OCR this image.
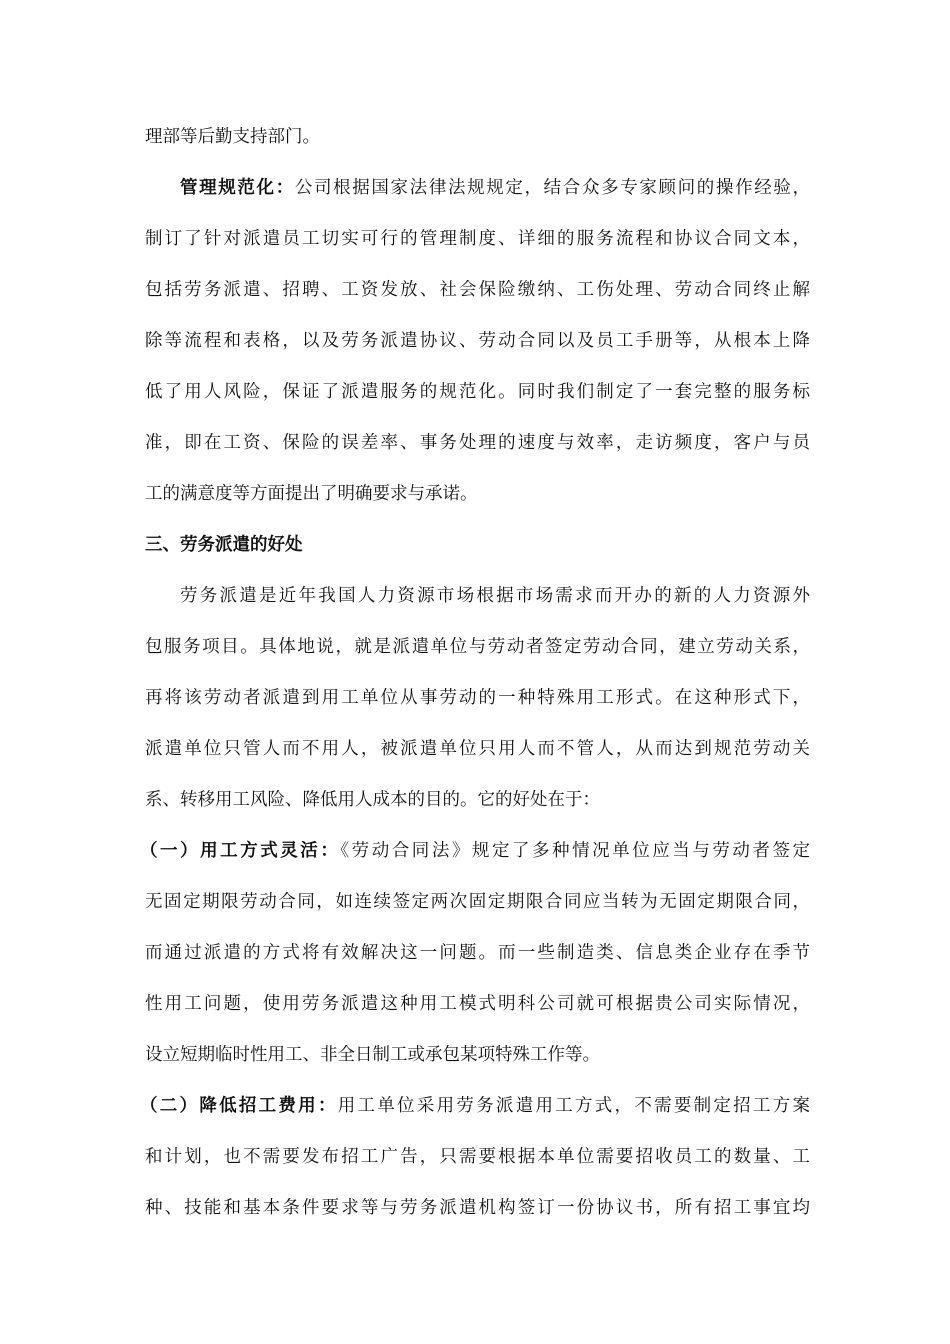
理部等后勤支持部门。
管理规范化：公司根据国家法律法规规定，结合众多专家顾问的操作经验，
制订了针对派遣员工切实可行的管理制度、详细的服务流程和协议合同文本，
包括劳务派遣、招聘、工资发放、社会保险缴纳、工伤处理、劳动合同终止解
除等流程和表格，以及劳务派遣协议、劳动合同以及员工手册等，从根本上降
低了用人风险，保证了派遣服务的规范化。同时我们制定了一套完整的服务标
准，即在工资、保险的误差率、事务处理的速度与效率，走访频度，客户与员
工的满意度等方面提出了明确要求与承诺。
三、劳务派遣的好处
劳务派遣是近年我国人力资源市场根据市场需求而开办的新的人力资源外
包服务项目。具体地说，就是派遣单位与劳动者签定劳动合同，建立劳动关系，
再将该劳动者派遣到用工单位从事劳动的一种特殊用工形式。在这种形式下，
派遣单位只管人而不用人，被派遣单位只用人而不管人，从而达到规范劳动关
系、转移用工风险、降低用人成本的目的。它的好处在于：
（一）用工方式灵活：《劳动合同法》规定了多种情况单位应当与劳动者签定
无固定期限劳动合同，如连续签定两次固定期限合同应当转为无固定期限合同，
而通过派遣的方式将有效解决这一问题。而一些制造类、信息类企业存在季节
性用工问题，使用劳务派遣这种用工模式明科公司就可根据贵公司实际情况，
设立短期临时性用工、非全日制工或承包某项特殊工作等。
（二）降低招工费用：用工单位采用劳务派遣用工方式，不需要制定招工方案
和计划，也不需要发布招工广告，只需要根据本单位需要招收员工的数量、工
种、技能和基本条件要求等与劳务派遣机构签订一份协议书，所有招工事宜均
